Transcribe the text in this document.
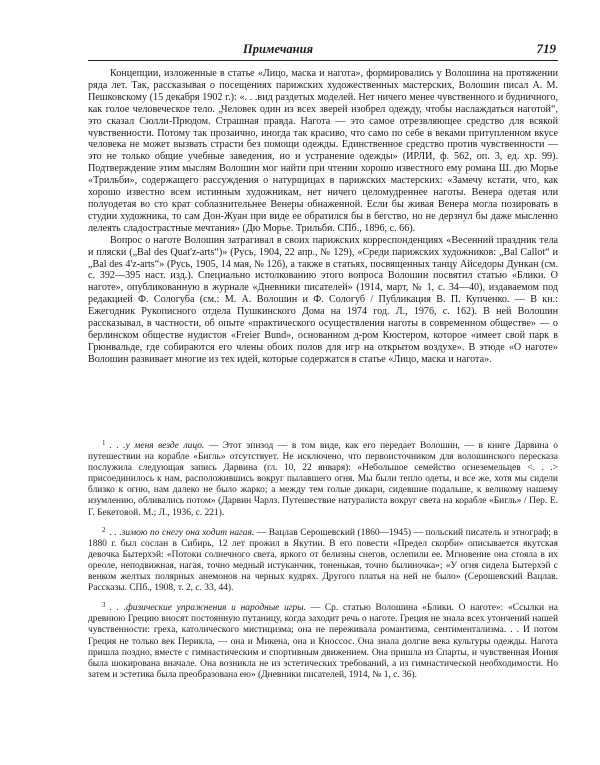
Примечания	719

Концепции, изложенные в статье «Лицо, маска и нагота», формировались у Волошина на протяжении ряда лет. Так, рассказывая о посещениях парижских художественных мастерских, Волошин писал А. М. Пешковскому (15 декабря 1902 г.): «. . .вид раздетых моделей. Нет ничего менее чувственного и будничного, как голое человеческое тело. „Человек один из всех зверей изобрел одежду, чтобы наслаждаться наготой“, это сказал Сюлли-Прюдом. Страшная правда. Нагота — это самое отрезвляющее средство для всякой чувственности. Потому так прозаично, иногда так красиво, что само по себе в веками притупленном вкусе человека не может вызвать страсти без помощи одежды. Единственное средство против чувственности — это не только общие учебные заведения, но и устранение одежды» (ИРЛИ, ф. 562, оп. 3, ед. хр. 99). Подтверждение этим мыслям Волошин мог найти при чтении хорошо известного ему романа Ш. дю Морье «Трильби», содержащего рассуждения о натурщицах в парижских мастерских: «Замечу кстати, что, как хорошо известно всем истинным художникам, нет ничего целомудреннее наготы. Венера одетая или полуодетая во сто крат соблазнительнее Венеры обнаженной. Если бы живая Венера могла позировать в студии художника, то сам Дон-Жуан при виде ее обратился бы в бегство, но не дерзнул бы даже мысленно лелеять сладострастные мечтания» (Дю Морье. Трильби. СПб., 1896, с. 66).

Вопрос о наготе Волошин затрагивал в своих парижских корреспонденциях «Весенний праздник тела и пляски („Bal des Quat'z-arts“)» (Русь, 1904, 22 апр., № 129), «Среди парижских художников: „Bal Callot“ и „Bal des 4'z-arts“» (Русь, 1905, 14 мая, № 126), а также в статьях, посвященных танцу Айседоры Дункан (см. с. 392—395 наст. изд.). Специально истолкованию этого вопроса Волошин посвятил статью «Блики. О наготе», опубликованную в журнале «Дневники писателей» (1914, март, № 1, с. 34—40), издаваемом под редакцией Ф. Сологуба (см.: М. А. Волошин и Ф. Сологуб / Публикация В. П. Купченко. — В кн.: Ежегодник Рукописного отдела Пушкинского Дома на 1974 год. Л., 1976, с. 162). В ней Волошин рассказывал, в частности, об опыте «практического осуществления наготы в современном обществе» — о берлинском обществе нудистов «Freier Bund», основанном д-ром Кюстером, которое «имеет свой парк в Грюнвальде, где собираются его члены обоих полов для игр на открытом воздухе». В этюде «О наготе» Волошин развивает многие из тех идей, которые содержатся в статье «Лицо, маска и нагота».

$^1$ . . .у меня везде лицо. — Этот эпизод — в том виде, как его передает Волошин, — в книге Дарвина о путешествии на корабле «Бигль» отсутствует. Не исключено, что первоисточником для волошинского пересказа послужила следующая запись Дарвина (гл. 10, 22 января): «Небольшое семейство огнеземельцев <. . .> присоединилось к нам, расположившись вокруг пылавшего огня. Мы были тепло одеты, и все же, хотя мы сидели близко к огню, нам далеко не было жарко; а между тем голые дикари, сидевшие подальше, к великому нашему изумлению, обливались потом» (Дарвин Чарлз. Путешествие натуралиста вокруг света на корабле «Бигль» / Пер. Е. Г. Бекетовой. М.; Л., 1936, с. 221).

$^2$ . . .зимою по снегу она ходит нагая. — Вацлав Серошевский (1860—1945) — польский писатель и этнограф; в 1880 г. был сослан в Сибирь, 12 лет прожил в Якутии. В его повести «Предел скорби» описывается якутская девочка Бытерхэй: «Потоки солнечного света, яркого от белизны снегов, ослепили ее. Мгновение она стояла в их ореоле, неподвижная, нагая, точно медный истуканчик, тоненькая, точно былиночка»; «У огня сидела Бытерхэй с венком желтых полярных анемонов на черных кудрях. Другого платья на ней не было» (Серошевский Вацлав. Рассказы. СПб., 1908, т. 2, с. 33, 44).

$^3$ . . .физические упражнения и народные игры. — Ср. статью Волошина «Блики. О наготе»: «Ссылки на древнюю Грецию вносят постоянную путаницу, когда заходит речь о наготе. Греция не знала всех утончений нашей чувственности: греха, католического мистицизма; она не переживала романтизма, сентиментализма. . . И потом Греция не только век Перикла, — она и Микена, она и Кноссос. Она знала долгие века культуры одежды. Нагота пришла поздно, вместе с гимнастическим и спортивным движением. Она пришла из Спарты, и чувственная Иония была шокирована вначале. Она возникла не из эстетических требований, а из гимнастической необходимости. Но затем и эстетика была преобразована ею» (Дневники писателей, 1914, № 1, с. 36).
